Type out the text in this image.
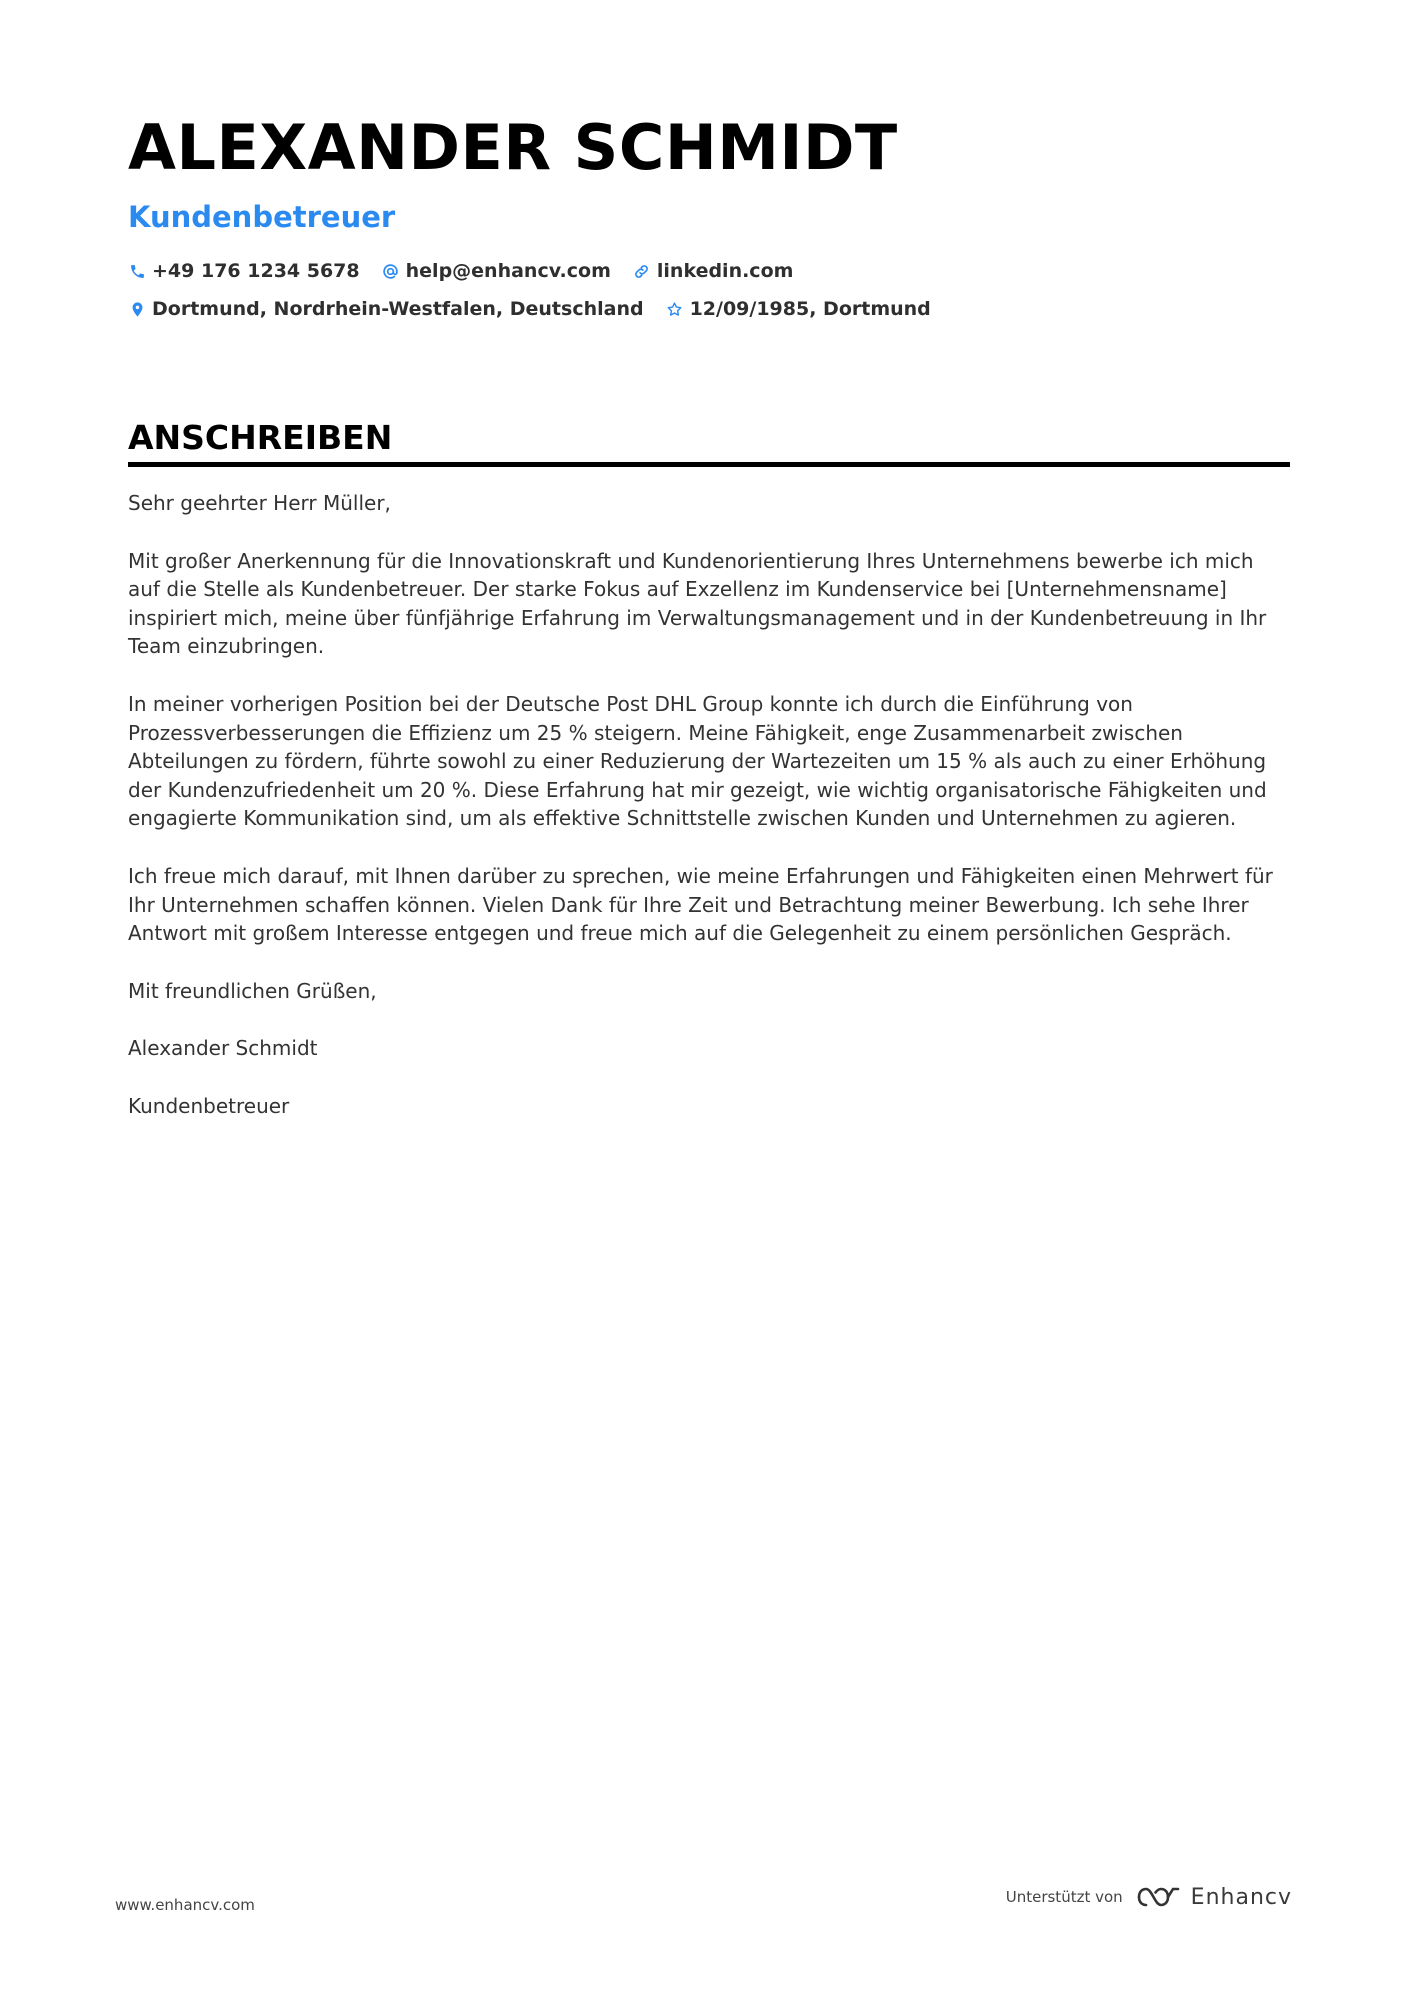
ALEXANDER SCHMIDT
Kundenbetreuer
+49 176 1234 5678 help@enhancv.com linkedin.com
Dortmund, Nordrhein-Westfalen, Deutschland 12/09/1985, Dortmund
ANSCHREIBEN

Sehr geehrter Herr Müller,

Mit großer Anerkennung für die Innovationskraft und Kundenorientierung Ihres Unternehmens bewerbe ich mich auf die Stelle als Kundenbetreuer. Der starke Fokus auf Exzellenz im Kundenservice bei [Unternehmensname] inspiriert mich, meine über fünfjährige Erfahrung im Verwaltungsmanagement und in der Kundenbetreuung in Ihr Team einzubringen.

In meiner vorherigen Position bei der Deutsche Post DHL Group konnte ich durch die Einführung von Prozessverbesserungen die Effizienz um 25 % steigern. Meine Fähigkeit, enge Zusammenarbeit zwischen Abteilungen zu fördern, führte sowohl zu einer Reduzierung der Wartezeiten um 15 % als auch zu einer Erhöhung der Kundenzufriedenheit um 20 %. Diese Erfahrung hat mir gezeigt, wie wichtig organisatorische Fähigkeiten und engagierte Kommunikation sind, um als effektive Schnittstelle zwischen Kunden und Unternehmen zu agieren.

Ich freue mich darauf, mit Ihnen darüber zu sprechen, wie meine Erfahrungen und Fähigkeiten einen Mehrwert für Ihr Unternehmen schaffen können. Vielen Dank für Ihre Zeit und Betrachtung meiner Bewerbung. Ich sehe Ihrer Antwort mit großem Interesse entgegen und freue mich auf die Gelegenheit zu einem persönlichen Gespräch.

Mit freundlichen Grüßen,

Alexander Schmidt

Kundenbetreuer

www.enhancv.com	Unterstützt von	Enhancv
